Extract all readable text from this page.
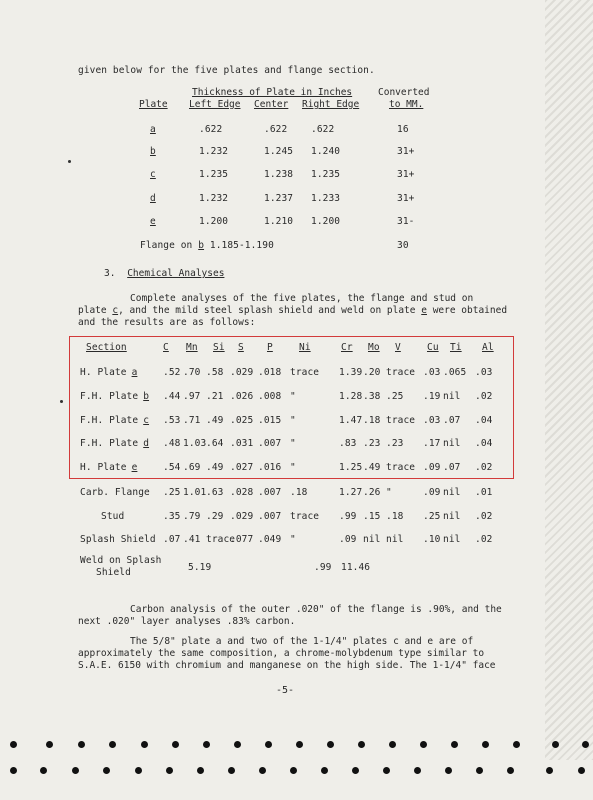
given below for the five plates and flange section.
Thickness of Plate in Inches	Converted
Plate Left Edge Center Right Edge	to MM.
a	.622	.622 .622	16
b	1.232	1.245 1.240	31+
c	1.235	1.238 1.235	31+
d	1.232	1.237 1.233	31+
e	1.200	1.210 1.200	31-
Flange on b 1.185-1.190	30
3. Chemical Analyses
Complete analyses of the five plates, the flange and stud on
plate c, and the mild steel splash shield and weld on plate e were obtained
and the results are as follows:
Section	C Mn Si S P	Ni	Cr Mo V	Cu Ti Al
H. Plate a	.52 .70 .58 .029 .018 trace 1.39 .20 trace .03 .065 .03
F.H. Plate b .44 .97 .21 .026 .008 "	1.28 .38 .25 .19 nil .02
F.H. Plate c .53 .71 .49 .025 .015 "	1.47 .18 trace .03 .07 .04
F.H. Plate d .48 1.03 .64 .031 .007 "	.83 .23 .23 .17 nil .04
H. Plate e	.54 .69 .49 .027 .016 "	1.25 .49 trace .09 .07 .02
Carb. Flange .25 1.01 .63 .028 .007 .18	1.27 .26 "	.09 nil .01
Stud	.35 .79 .29 .029 .007 trace .99 .15 .18 .25 nil .02
Splash Shield .07 .41 trace
.077 .049 "	.09 nil nil .10 nil .02
Weld on Splash
Shield	5.19	.99 11.46
Carbon analysis of the outer .020" of the flange is .90%, and the
next .020" layer analyses .83% carbon.
The 5/8" plate a and two of the 1-1/4" plates c and e are of
approximately the same composition, a chrome-molybdenum type similar to
S.A.E. 6150 with chromium and manganese on the high side. The 1-1/4" face
-5-
